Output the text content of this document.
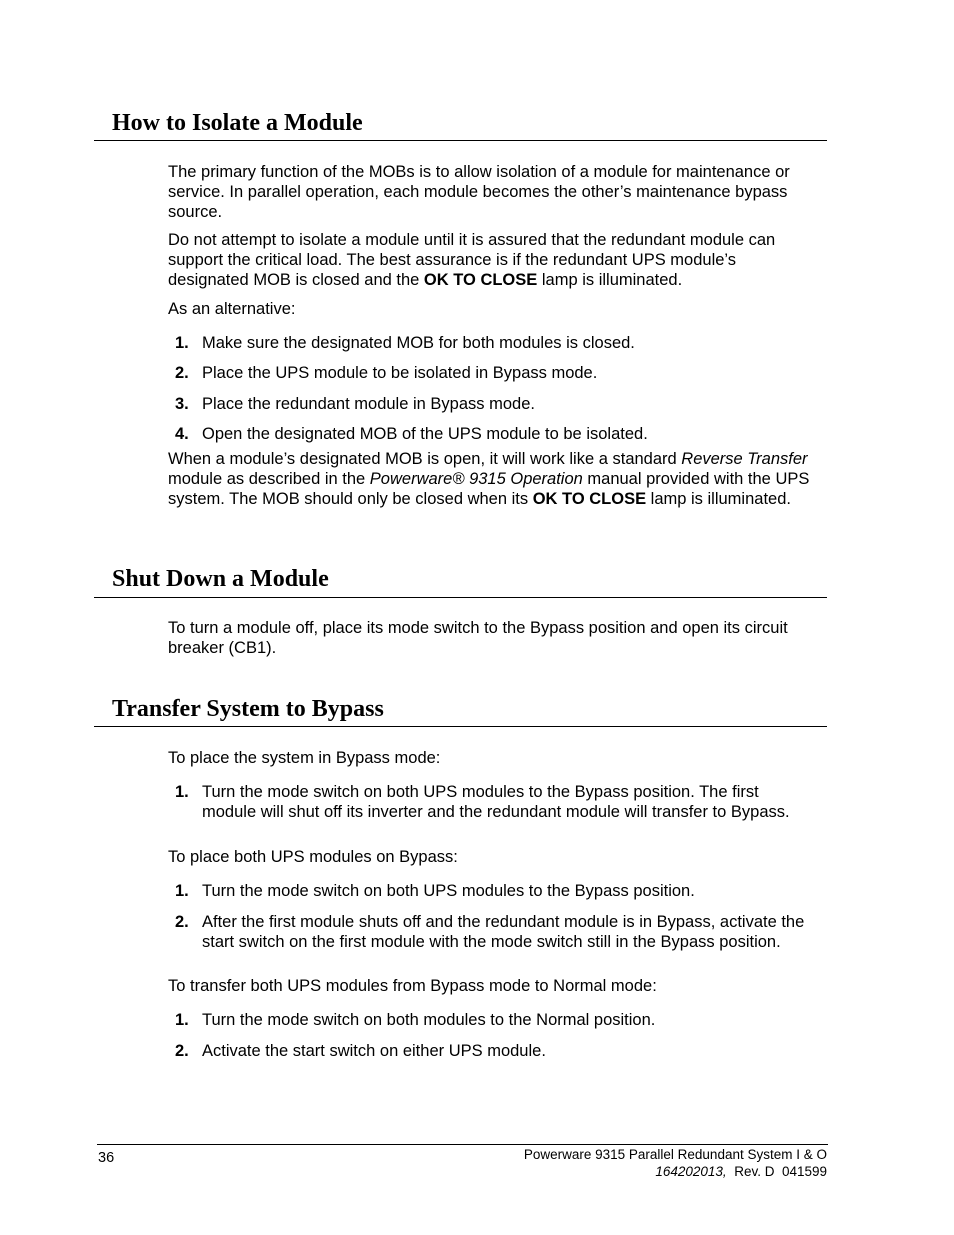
How to Isolate a Module

The primary function of the MOBs is to allow isolation of a module for maintenance or service. In parallel operation, each module becomes the other’s maintenance bypass source.

Do not attempt to isolate a module until it is assured that the redundant module can support the critical load. The best assurance is if the redundant UPS module’s designated MOB is closed and the OK TO CLOSE lamp is illuminated.

As an alternative:

1. Make sure the designated MOB for both modules is closed.
2. Place the UPS module to be isolated in Bypass mode.
3. Place the redundant module in Bypass mode.
4. Open the designated MOB of the UPS module to be isolated.

When a module’s designated MOB is open, it will work like a standard Reverse Transfer module as described in the Powerware® 9315 Operation manual provided with the UPS system. The MOB should only be closed when its OK TO CLOSE lamp is illuminated.

Shut Down a Module

To turn a module off, place its mode switch to the Bypass position and open its circuit breaker (CB1).

Transfer System to Bypass

To place the system in Bypass mode:

1. Turn the mode switch on both UPS modules to the Bypass position. The first module will shut off its inverter and the redundant module will transfer to Bypass.

To place both UPS modules on Bypass:

1. Turn the mode switch on both UPS modules to the Bypass position.
2. After the first module shuts off and the redundant module is in Bypass, activate the start switch on the first module with the mode switch still in the Bypass position.

To transfer both UPS modules from Bypass mode to Normal mode:

1. Turn the mode switch on both modules to the Normal position.
2. Activate the start switch on either UPS module.
36	Powerware 9315 Parallel Redundant System I & O
164202013,  Rev. D  041599
